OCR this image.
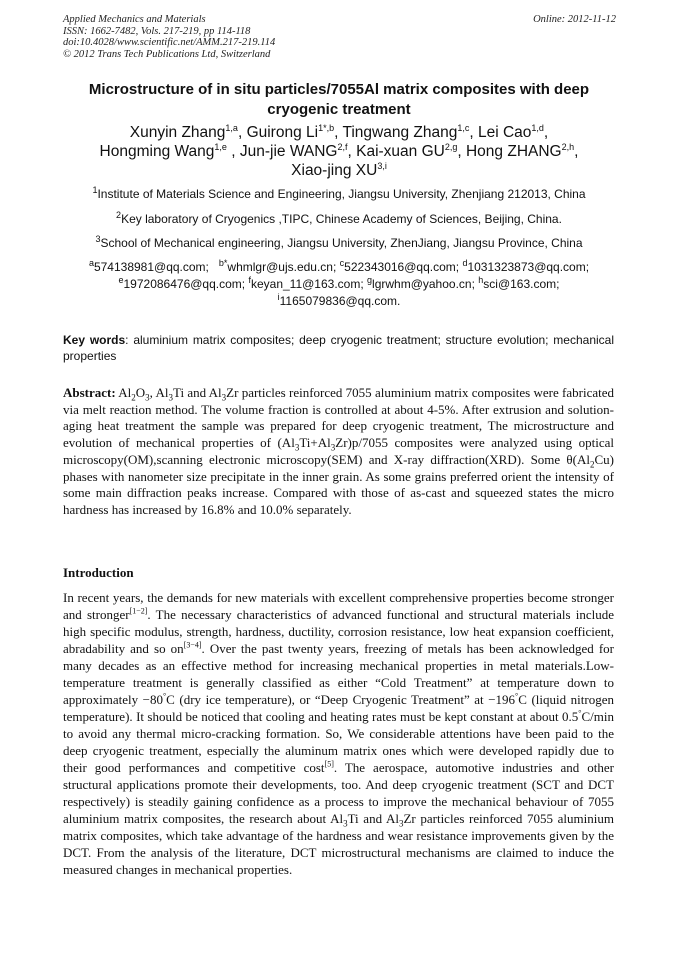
Applied Mechanics and Materials
ISSN: 1662-7482, Vols. 217-219, pp 114-118
doi:10.4028/www.scientific.net/AMM.217-219.114
© 2012 Trans Tech Publications Ltd, Switzerland
Online: 2012-11-12
Microstructure of in situ particles/7055Al matrix composites with deep cryogenic treatment
Xunyin Zhang$^{1,a}$, Guirong $Li^{1*,b}$, Tingwang Zhang$^{1,c}$, Lei Cao$^{1,d}$,
Hongming Wang$^{1,e}$ , Jun-jie WANG$^{2,f}$, Kai-xuan GU$^{2,g}$, Hong ZHANG$^{2,h}$,
Xiao-jing XU$^{3,i}$
$^1$Institute of Materials Science and Engineering, Jiangsu University, Zhenjiang 212013, China
$^2$Key laboratory of Cryogenics ,TIPC, Chinese Academy of Sciences, Beijing, China.
$^3$School of Mechanical engineering, Jiangsu University, ZhenJiang, Jiangsu Province, China
$^a$574138981@qq.com; $^{b*}$whmlgr@ujs.edu.cn; $^c$522343016@qq.com; $^d$1031323873@qq.com;
$^e$1972086476@qq.com; $^f$keyan_11@163.com; $^g$lgrwhm@yahoo.cn; $^h$sci@163.com;
$^i$1165079836@qq.com.
Key words: aluminium matrix composites; deep cryogenic treatment; structure evolution; mechanical properties
Abstract: $Al_2O_3$, $Al_3Ti$ and $Al_3Zr$ particles reinforced 7055 aluminium matrix composites were fabricated via melt reaction method. The volume fraction is controlled at about 4-5%. After extrusion and solution-aging heat treatment the sample was prepared for deep cryogenic treatment, The microstructure and evolution of mechanical properties of $(Al_3Ti+Al_3Zr)p/7055$ composites were analyzed using optical microscopy(OM),scanning electronic microscopy(SEM) and X-ray diffraction(XRD). Some $\theta(Al_2Cu)$ phases with nanometer size precipitate in the inner grain. As some grains preferred orient the intensity of some main diffraction peaks increase. Compared with those of as-cast and squeezed states the micro hardness has increased by 16.8% and 10.0% separately.
Introduction
In recent years, the demands for new materials with excellent comprehensive properties become stronger and stronger[1−2]. The necessary characteristics of advanced functional and structural materials include high specific modulus, strength, hardness, ductility, corrosion resistance, low heat expansion coefficient, abradability and so on[3−4]. Over the past twenty years, freezing of metals has been acknowledged for many decades as an effective method for increasing mechanical properties in metal materials.Low-temperature treatment is generally classified as either “Cold Treatment” at temperature down to approximately −80°C (dry ice temperature), or “Deep Cryogenic Treatment” at −196°C (liquid nitrogen temperature). It should be noticed that cooling and heating rates must be kept constant at about 0.5°C/min to avoid any thermal micro-cracking formation. So, We considerable attentions have been paid to the deep cryogenic treatment, especially the aluminum matrix ones which were developed rapidly due to their good performances and competitive cost[5]. The aerospace, automotive industries and other structural applications promote their developments, too. And deep cryogenic treatment (SCT and DCT respectively) is steadily gaining confidence as a process to improve the mechanical behaviour of 7055 aluminium matrix composites, the research about $Al_3Ti$ and $Al_3Zr$ particles reinforced 7055 aluminium matrix composites, which take advantage of the hardness and wear resistance improvements given by the DCT. From the analysis of the literature, DCT microstructural mechanisms are claimed to induce the measured changes in mechanical properties.
